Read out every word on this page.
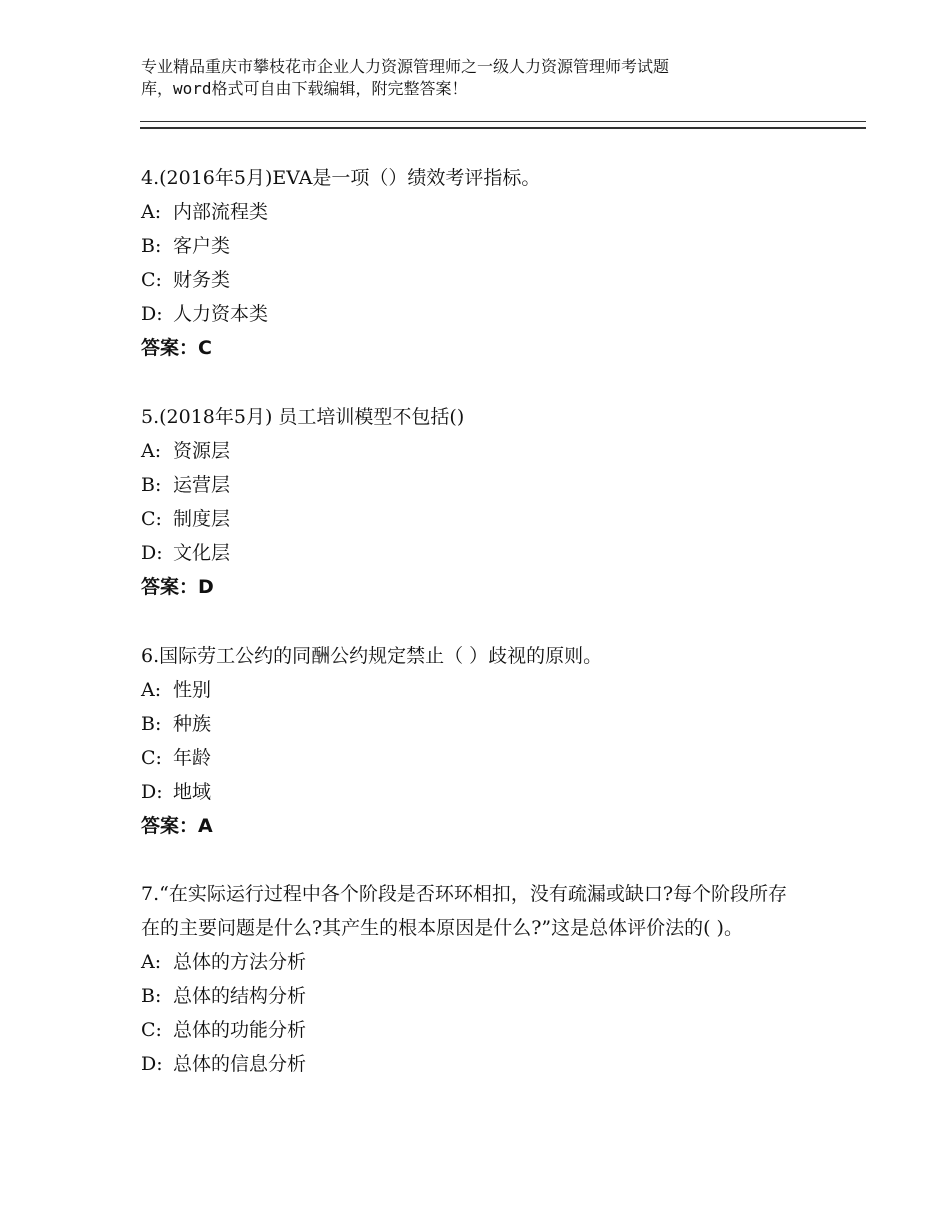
专业精品重庆市攀枝花市企业人力资源管理师之一级人力资源管理师考试题
库，word格式可自由下载编辑，附完整答案！

4.(2016年5月)EVA是一项（）绩效考评指标。

A: 内部流程类

B: 客户类

C: 财务类

D: 人力资本类

答案：C

5.(2018年5月) 员工培训模型不包括()

A: 资源层

B: 运营层

C: 制度层

D: 文化层

答案：D

6.国际劳工公约的同酬公约规定禁止（ ）歧视的原则。

A: 性别

B: 种族

C: 年龄

D: 地域

答案：A

7.“在实际运行过程中各个阶段是否环环相扣，没有疏漏或缺口?每个阶段所存在的主要问题是什么?其产生的根本原因是什么?”这是总体评价法的( )。

A: 总体的方法分析

B: 总体的结构分析

C: 总体的功能分析

D: 总体的信息分析
